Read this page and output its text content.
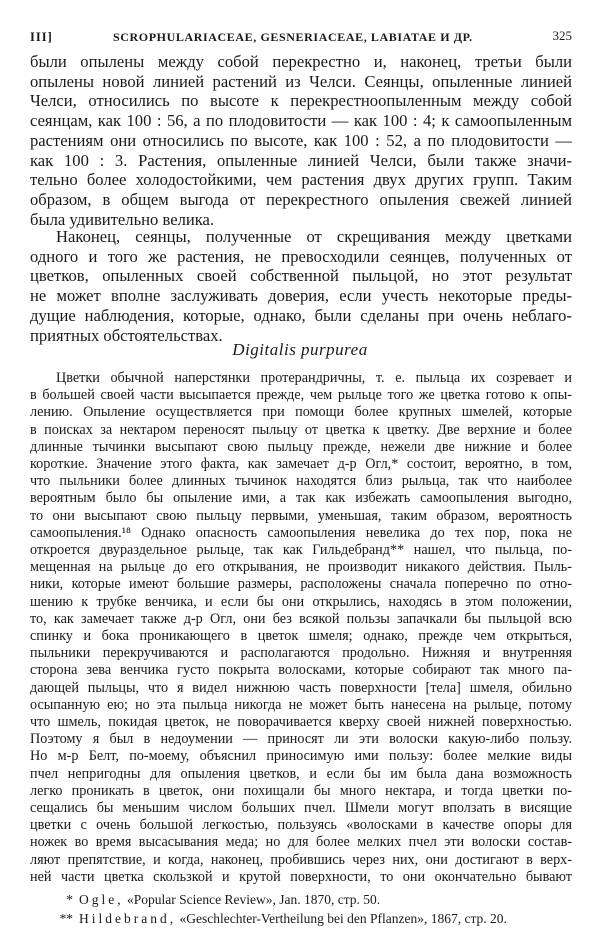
III]	SCROPHULARIACEAE, GESNERIACEAE, LABIATAE И ДР.	325
были опылены между собой перекрестно и, наконец, третьи были
опылены новой линией растений из Челси. Сеянцы, опыленные линией
Челси, относились по высоте к перекрестноопыленным между собой
сеянцам, как 100 : 56, а по плодовитости — как 100 : 4; к самоопыленным
растениям они относились по высоте, как 100 : 52, а по плодовитости —
как 100 : 3. Растения, опыленные линией Челси, были также значи-
тельно более холодостойкими, чем растения двух других групп. Таким
образом, в общем выгода от перекрестного опыления свежей линией
была удивительно велика.
Наконец, сеянцы, полученные от скрещивания между цветками
одного и того же растения, не превосходили сеянцев, полученных от
цветков, опыленных своей собственной пыльцой, но этот результат
не может вполне заслуживать доверия, если учесть некоторые преды-
дущие наблюдения, которые, однако, были сделаны при очень неблаго-
приятных обстоятельствах.
Digitalis purpurea
Цветки обычной наперстянки протерандричны, т. е. пыльца их созревает и
в большей своей части высыпается прежде, чем рыльце того же цветка готово к опы-
лению. Опыление осуществляется при помощи более крупных шмелей, которые
в поисках за нектаром переносят пыльцу от цветка к цветку. Две верхние и более
длинные тычинки высыпают свою пыльцу прежде, нежели две нижние и более
короткие. Значение этого факта, как замечает д-р Огл,* состоит, вероятно, в том,
что пыльники более длинных тычинок находятся близ рыльца, так что наиболее
вероятным было бы опыление ими, а так как избежать самоопыления выгодно,
то они высыпают свою пыльцу первыми, уменьшая, таким образом, вероятность
самоопыления.¹⁸ Однако опасность самоопыления невелика до тех пор, пока не
откроется двураздельное рыльце, так как Гильдебранд** нашел, что пыльца, по-
мещенная на рыльце до его открывания, не производит никакого действия. Пыль-
ники, которые имеют большие размеры, расположены сначала поперечно по отно-
шению к трубке венчика, и если бы они открылись, находясь в этом положении,
то, как замечает также д-р Огл, они без всякой пользы запачкали бы пыльцой всю
спинку и бока проникающего в цветок шмеля; однако, прежде чем открыться,
пыльники перекручиваются и располагаются продольно. Нижняя и внутренняя
сторона зева венчика густо покрыта волосками, которые собирают так много па-
дающей пыльцы, что я видел нижнюю часть поверхности [тела] шмеля, обильно
осыпанную ею; но эта пыльца никогда не может быть нанесена на рыльце, потому
что шмель, покидая цветок, не поворачивается кверху своей нижней поверхностью.
Поэтому я был в недоумении — приносят ли эти волоски какую-либо пользу.
Но м-р Белт, по-моему, объяснил приносимую ими пользу: более мелкие виды
пчел непригодны для опыления цветков, и если бы им была дана возможность
легко проникать в цветок, они похищали бы много нектара, и тогда цветки по-
сещались бы меньшим числом больших пчел. Шмели могут вползать в висящие
цветки с очень большой легкостью, пользуясь «волосками в качестве опоры для
ножек во время высасывания меда; но для более мелких пчел эти волоски состав-
ляют препятствие, и когда, наконец, пробившись через них, они достигают в верх-
ней части цветка скользкой и крутой поверхности, то они окончательно бывают
* Ogle, «Popular Science Review», Jan. 1870, стр. 50.
** Hildebrand, «Geschlechter-Vertheilung bei den Pflanzen», 1867, стр. 20.
